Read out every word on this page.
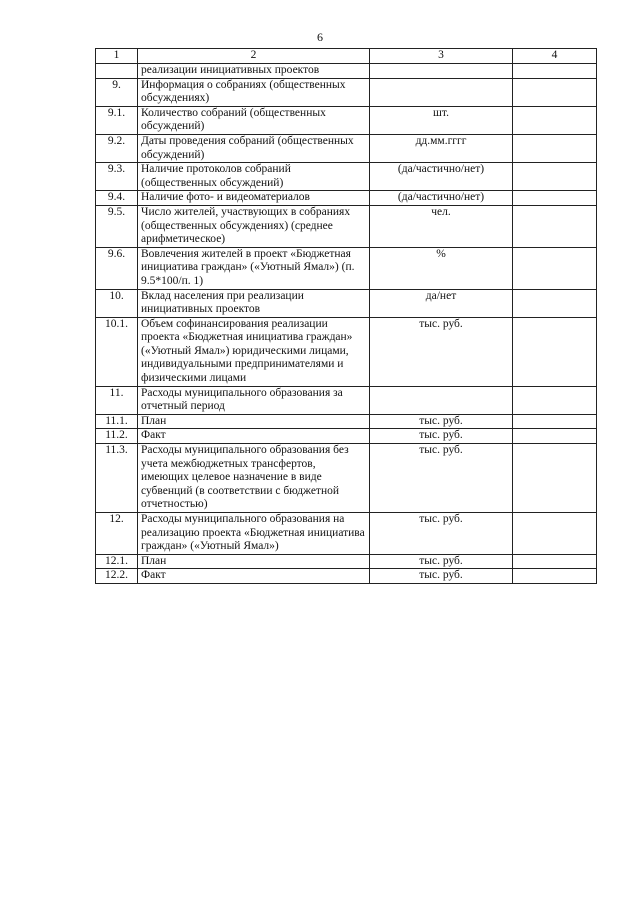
6
1	2	3	4
	реализации инициативных проектов		
9.	Информация о собраниях (общественных обсуждениях)		
9.1.	Количество собраний (общественных обсуждений)	шт.	
9.2.	Даты проведения собраний (общественных обсуждений)	дд.мм.гггг	
9.3.	Наличие протоколов собраний (общественных обсуждений)	(да/частично/нет)	
9.4.	Наличие фото- и видеоматериалов	(да/частично/нет)	
9.5.	Число жителей, участвующих в собраниях (общественных обсуждениях) (среднее арифметическое)	чел.	
9.6.	Вовлечения жителей в проект «Бюджетная инициатива граждан» («Уютный Ямал») (п. 9.5*100/п. 1)	%	
10.	Вклад населения при реализации инициативных проектов	да/нет	
10.1.	Объем софинансирования реализации проекта «Бюджетная инициатива граждан» («Уютный Ямал») юридическими лицами, индивидуальными предпринимателями и физическими лицами	тыс. руб.	
11.	Расходы муниципального образования за отчетный период		
11.1.	План	тыс. руб.	
11.2.	Факт	тыс. руб.	
11.3.	Расходы муниципального образования без учета межбюджетных трансфертов, имеющих целевое назначение в виде субвенций (в соответствии с бюджетной отчетностью)	тыс. руб.	
12.	Расходы муниципального образования на реализацию проекта «Бюджетная инициатива граждан» («Уютный Ямал»)	тыс. руб.	
12.1.	План	тыс. руб.	
12.2.	Факт	тыс. руб.	
